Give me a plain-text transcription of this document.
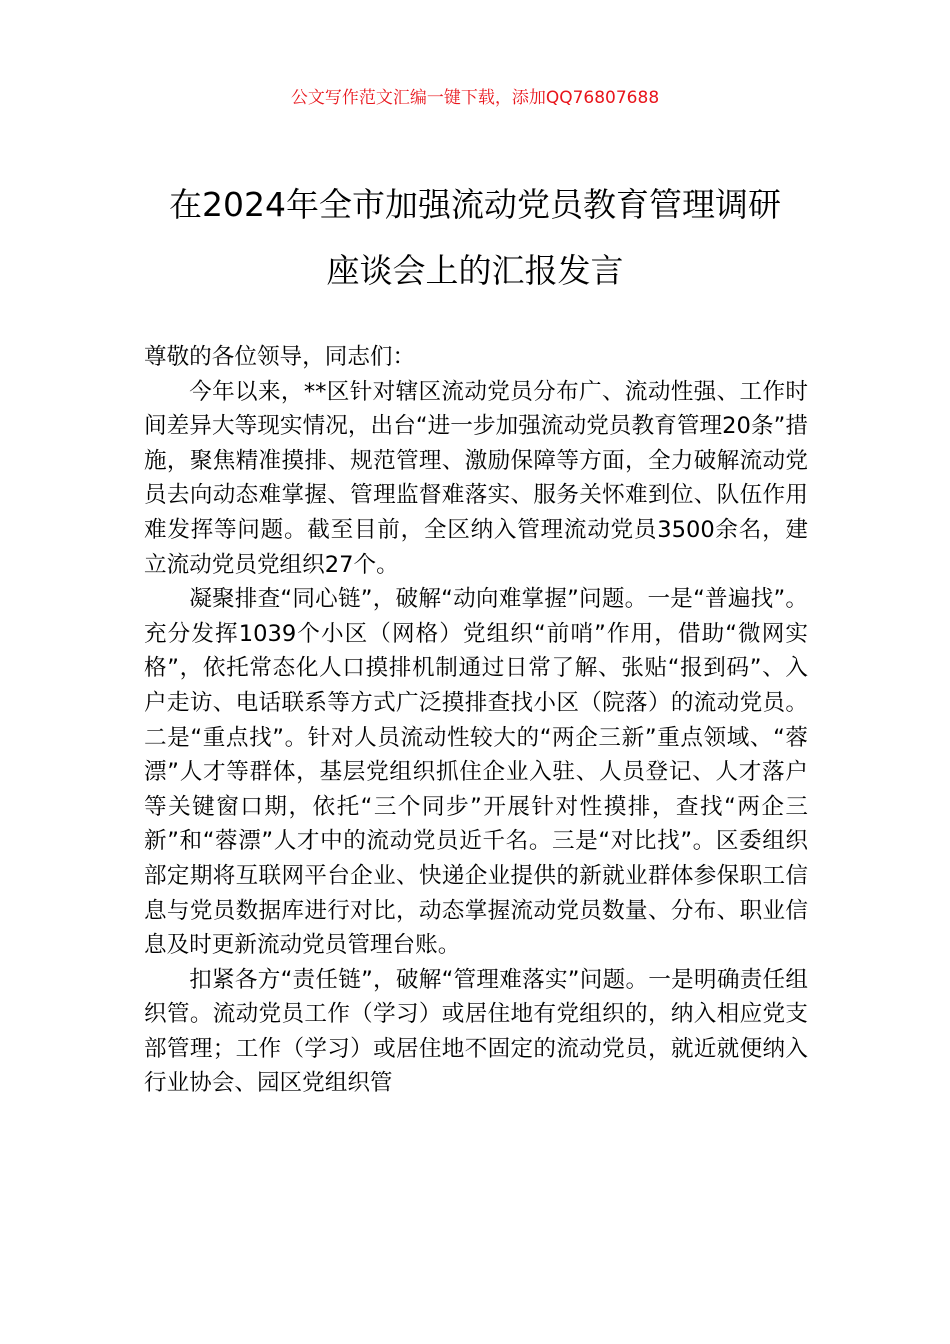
公文写作范文汇编一键下载，添加QQ76807688
在2024年全市加强流动党员教育管理调研
座谈会上的汇报发言

尊敬的各位领导，同志们：

今年以来，**区针对辖区流动党员分布广、流动性强、工作时间差异大等现实情况，出台“进一步加强流动党员教育管理20条”措施，聚焦精准摸排、规范管理、激励保障等方面，全力破解流动党员去向动态难掌握、管理监督难落实、服务关怀难到位、队伍作用难发挥等问题。截至目前，全区纳入管理流动党员3500余名，建立流动党员党组织27个。

凝聚排查“同心链”，破解“动向难掌握”问题。一是“普遍找”。充分发挥1039个小区（网格）党组织“前哨”作用，借助“微网实格”，依托常态化人口摸排机制通过日常了解、张贴“报到码”、入户走访、电话联系等方式广泛摸排查找小区（院落）的流动党员。二是“重点找”。针对人员流动性较大的“两企三新”重点领域、“蓉漂”人才等群体，基层党组织抓住企业入驻、人员登记、人才落户等关键窗口期，依托“三个同步”开展针对性摸排，查找“两企三新”和“蓉漂”人才中的流动党员近千名。三是“对比找”。区委组织部定期将互联网平台企业、快递企业提供的新就业群体参保职工信息与党员数据库进行对比，动态掌握流动党员数量、分布、职业信息及时更新流动党员管理台账。

扣紧各方“责任链”，破解“管理难落实”问题。一是明确责任组织管。流动党员工作（学习）或居住地有党组织的，纳入相应党支部管理；工作（学习）或居住地不固定的流动党员，就近就便纳入行业协会、园区党组织管
